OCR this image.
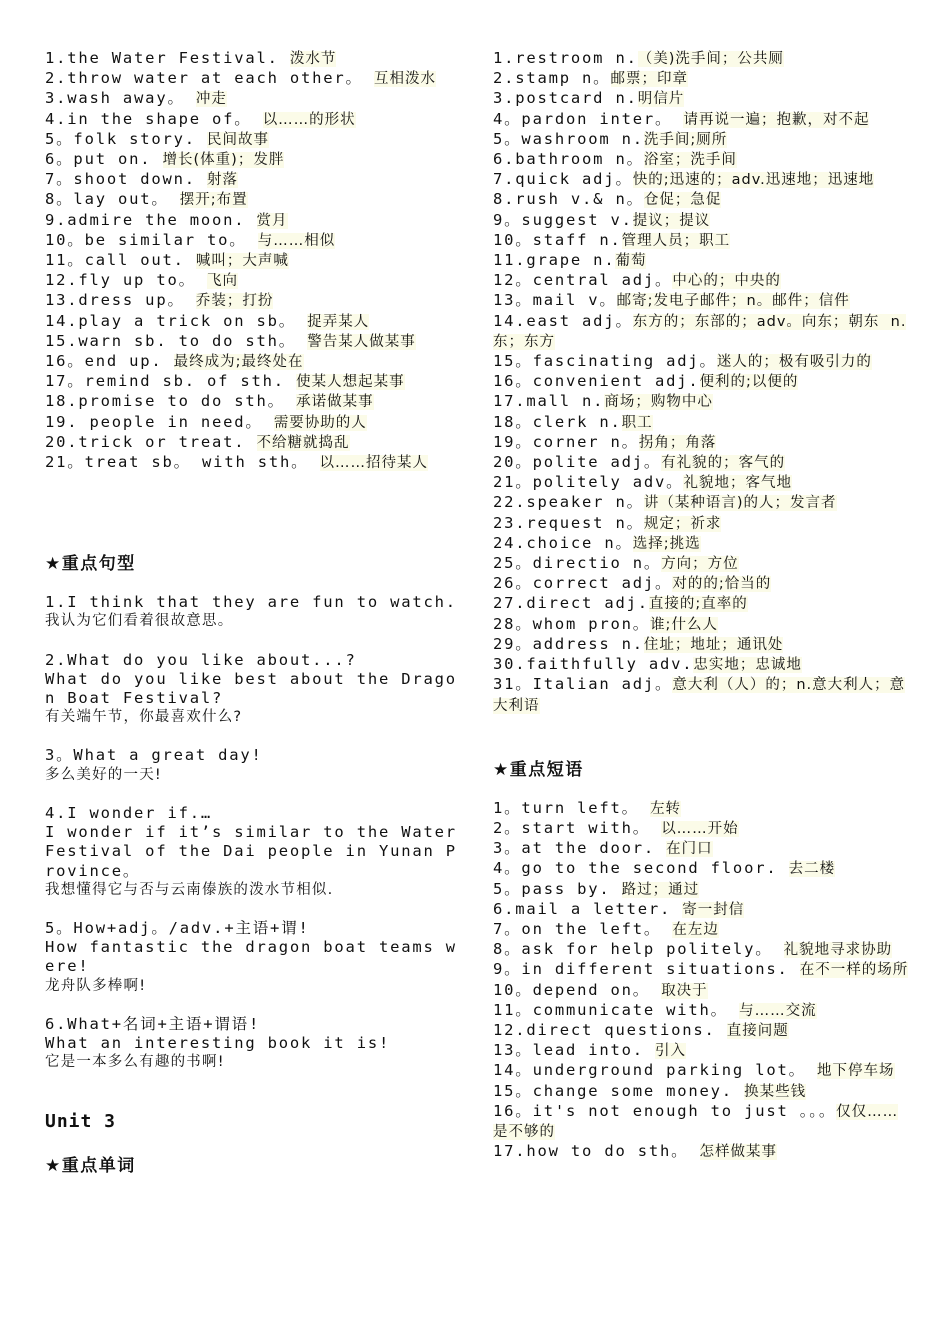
1.the Water Festival. 泼水节

2.throw water at each other。 互相泼水

3.wash away。 冲走

4.in the shape of。 以……的形状

5。folk story. 民间故事

6。put on. 增长(体重)；发胖

7。shoot down. 射落

8。lay out。 摆开;布置

9.admire the moon. 赏月

10。be similar to。 与……相似

11。call out. 喊叫；大声喊

12.fly up to。 飞向

13.dress up。 乔装；打扮

14.play a trick on sb。 捉弄某人

15.warn sb. to do sth。 警告某人做某事

16。end up. 最终成为;最终处在

17。remind sb. of sth. 使某人想起某事

18.promise to do sth。 承诺做某事

19. people in need。 需要协助的人

20.trick or treat. 不给糖就捣乱

21。treat sb。 with sth。 以……招待某人

★重点句型

1.I think that they are fun to watch.

我认为它们看着很故意思。

2.What do you like about...?

What do you like best about the Dragon Boat Festival?

有关端午节，你最喜欢什么?

3。What a great day!

多么美好的一天!

4.I wonder if.…

I wonder if it’s similar to the Water Festival of the Dai people in Yunan Province。

我想懂得它与否与云南傣族的泼水节相似.

5。How+adj。/adv.+主语+谓!

How fantastic the dragon boat teams were!

龙舟队多棒啊!

6.What+名词+主语+谓语!

What an interesting book it is!

它是一本多么有趣的书啊!

Unit 3

★重点单词

1.restroom n.（美)洗手间；公共厕

2.stamp n。邮票；印章

3.postcard n.明信片

4。pardon inter。 请再说一遍；抱歉，对不起

5。washroom n.洗手间;厕所

6.bathroom n。浴室；洗手间

7.quick adj。快的;迅速的；adv.迅速地；迅速地

8.rush v.& n。仓促；急促

9。suggest v.提议；提议

10。staff n.管理人员；职工

11.grape n.葡萄

12。central adj。中心的；中央的

13。mail v。邮寄;发电子邮件；n。邮件；信件

14.east adj。东方的；东部的；adv。向东；朝东  n.东；东方

15。fascinating adj。迷人的；极有吸引力的

16。convenient adj.便利的;以便的

17.mall n.商场；购物中心

18。clerk n.职工

19。corner n。拐角；角落

20。polite adj。有礼貌的；客气的

21。politely adv。礼貌地；客气地

22.speaker n。讲（某种语言)的人；发言者

23.request n。规定；祈求

24.choice n。选择;挑选

25。directio n。方向；方位

26。correct adj。对的的;恰当的

27.direct adj.直接的;直率的

28。whom pron。谁;什么人

29。address n.住址；地址；通讯处

30.faithfully adv.忠实地；忠诚地

31。Italian adj。意大利（人）的；n.意大利人；意大利语

★重点短语

1。turn left。 左转

2。start with。 以……开始

3。at the door. 在门口

4。go to the second floor. 去二楼

5。pass by. 路过；通过

6.mail a letter. 寄一封信

7。on the left。 在左边

8。ask for help politely。 礼貌地寻求协助

9。in different situations. 在不一样的场所

10。depend on。 取决于

11。communicate with。 与……交流

12.direct questions. 直接问题

13。lead into. 引入

14。underground parking lot。 地下停车场

15。change some money. 换某些钱

16。it's not enough to just 。。。仅仅……是不够的

17.how to do sth。 怎样做某事
